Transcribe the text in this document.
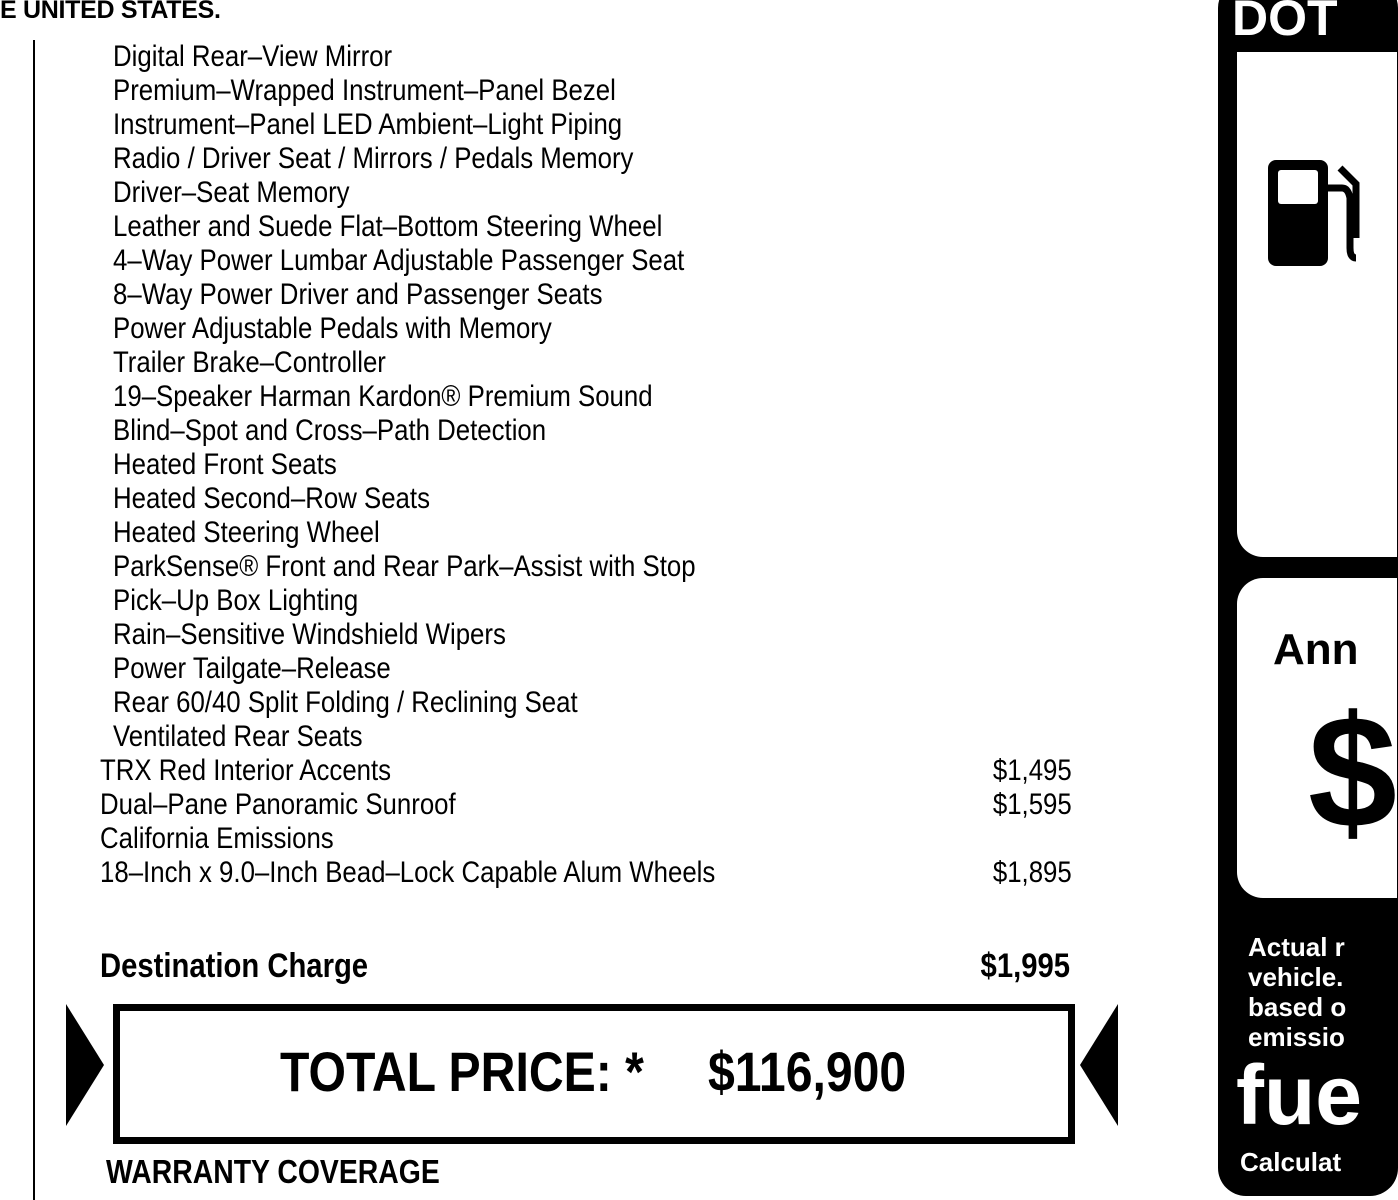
E UNITED STATES.
Digital Rear–View Mirror
Premium–Wrapped Instrument–Panel Bezel
Instrument–Panel LED Ambient–Light Piping
Radio / Driver Seat / Mirrors / Pedals Memory
Driver–Seat Memory
Leather and Suede Flat–Bottom Steering Wheel
4–Way Power Lumbar Adjustable Passenger Seat
8–Way Power Driver and Passenger Seats
Power Adjustable Pedals with Memory
Trailer Brake–Controller
19–Speaker Harman Kardon® Premium Sound
Blind–Spot and Cross–Path Detection
Heated Front Seats
Heated Second–Row Seats
Heated Steering Wheel
ParkSense® Front and Rear Park–Assist with Stop
Pick–Up Box Lighting
Rain–Sensitive Windshield Wipers
Power Tailgate–Release
Rear 60/40 Split Folding / Reclining Seat
Ventilated Rear Seats
TRX Red Interior Accents	$1,495
Dual–Pane Panoramic Sunroof	$1,595
California Emissions
18–Inch x 9.0–Inch Bead–Lock Capable Alum Wheels	$1,895
Destination Charge	$1,995
TOTAL PRICE: * $116,900
WARRANTY COVERAGE
DOT
Ann
$
Actual r
vehicle.
based o
emissio
fue
Calculat
